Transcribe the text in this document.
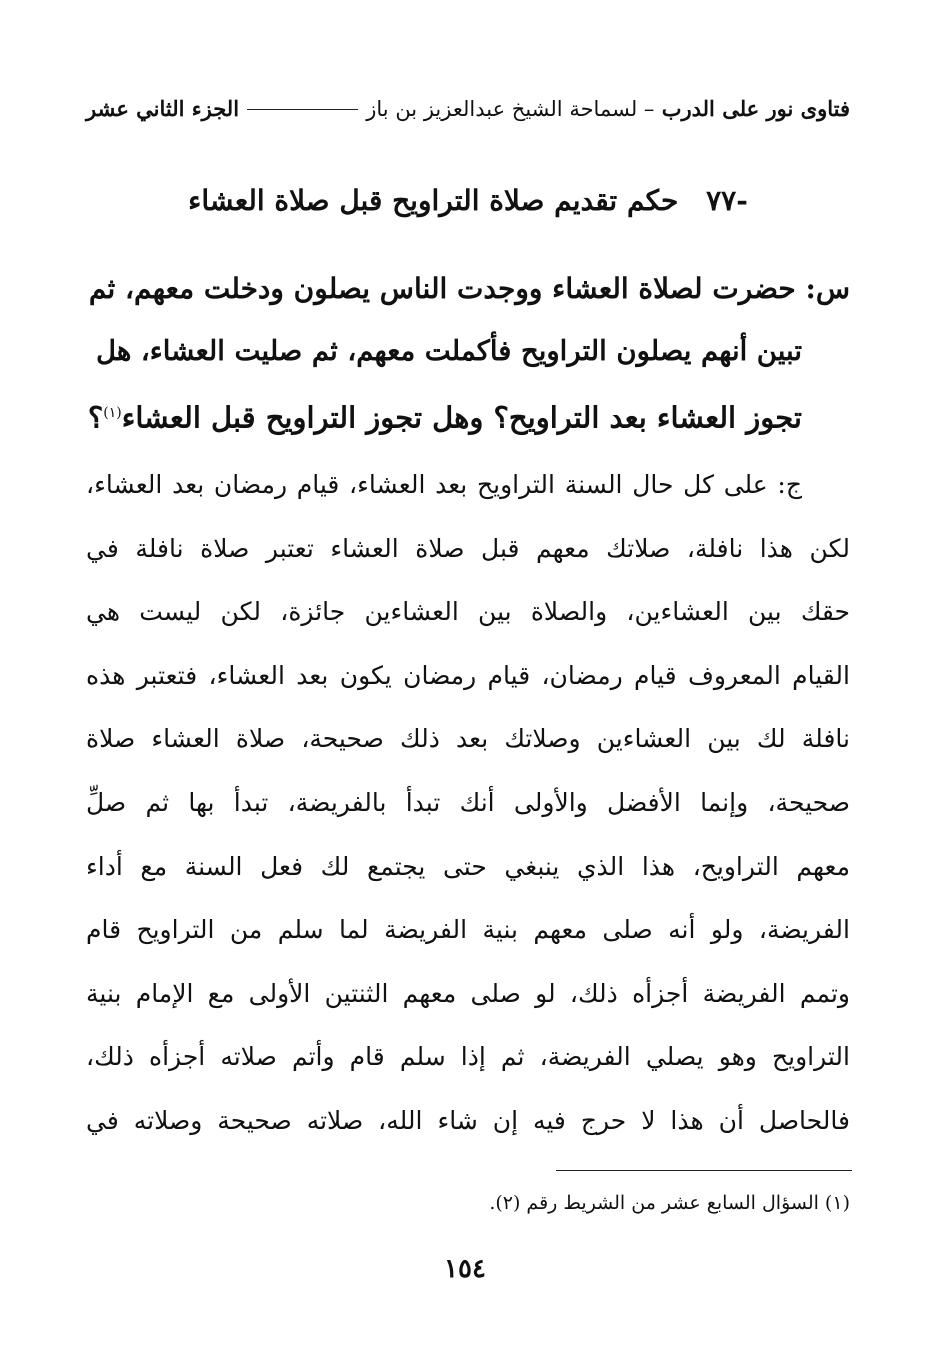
فتاوى نور على الدرب – لسماحة الشيخ عبدالعزيز بن باز
الجزء الثاني عشر
-٧٧ حكم تقديم صلاة التراويح قبل صلاة العشاء
س: حضرت لصلاة العشاء ووجدت الناس يصلون ودخلت معهم، ثم
تبين أنهم يصلون التراويح فأكملت معهم، ثم صليت العشاء، هل
تجوز العشاء بعد التراويح؟ وهل تجوز التراويح قبل العشاء$^{(١)}$؟
ج: على كل حال السنة التراويح بعد العشاء، قيام رمضان بعد العشاء،
لكن هذا نافلة، صلاتك معهم قبل صلاة العشاء تعتبر صلاة نافلة في
حقك بين العشاءين، والصلاة بين العشاءين جائزة، لكن ليست هي
القيام المعروف قيام رمضان، قيام رمضان يكون بعد العشاء، فتعتبر هذه
نافلة لك بين العشاءين وصلاتك بعد ذلك صحيحة، صلاة العشاء صلاة
صحيحة، وإنما الأفضل والأولى أنك تبدأ بالفريضة، تبدأ بها ثم صلِّ
معهم التراويح، هذا الذي ينبغي حتى يجتمع لك فعل السنة مع أداء
الفريضة، ولو أنه صلى معهم بنية الفريضة لما سلم من التراويح قام
وتمم الفريضة أجزأه ذلك، لو صلى معهم الثنتين الأولى مع الإمام بنية
التراويح وهو يصلي الفريضة، ثم إذا سلم قام وأتم صلاته أجزأه ذلك،
فالحاصل أن هذا لا حرج فيه إن شاء الله، صلاته صحيحة وصلاته في
(١) السؤال السابع عشر من الشريط رقم (٢).
١٥٤
